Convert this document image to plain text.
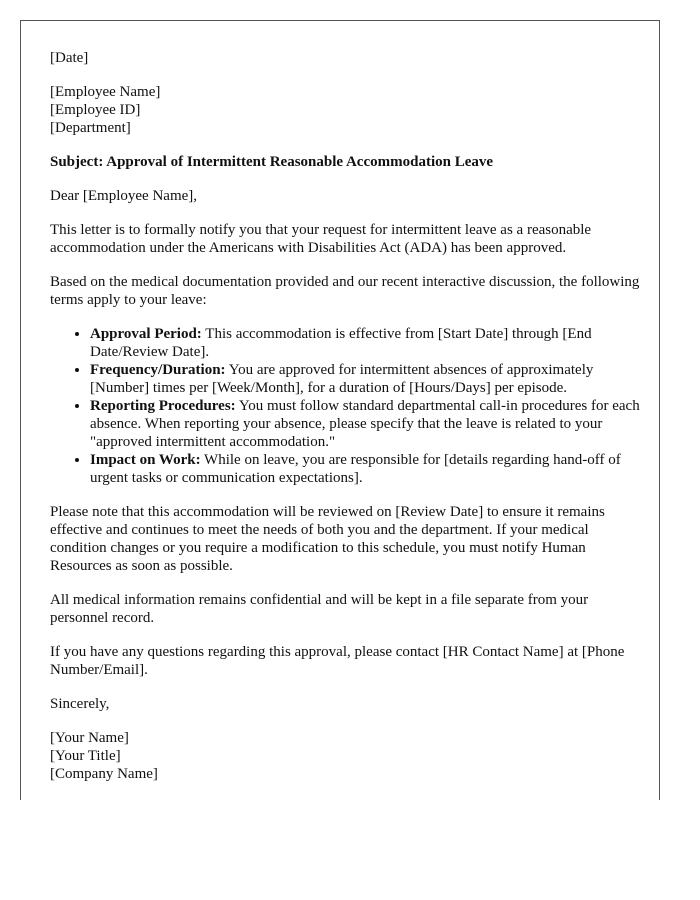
[Date]

[Employee Name]
[Employee ID]
[Department]

Subject: Approval of Intermittent Reasonable Accommodation Leave

Dear [Employee Name],

This letter is to formally notify you that your request for intermittent leave as a reasonable accommodation under the Americans with Disabilities Act (ADA) has been approved.

Based on the medical documentation provided and our recent interactive discussion, the following terms apply to your leave:

• Approval Period: This accommodation is effective from [Start Date] through [End Date/Review Date].
• Frequency/Duration: You are approved for intermittent absences of approximately [Number] times per [Week/Month], for a duration of [Hours/Days] per episode.
• Reporting Procedures: You must follow standard departmental call-in procedures for each absence. When reporting your absence, please specify that the leave is related to your "approved intermittent accommodation."
• Impact on Work: While on leave, you are responsible for [details regarding hand-off of urgent tasks or communication expectations].

Please note that this accommodation will be reviewed on [Review Date] to ensure it remains effective and continues to meet the needs of both you and the department. If your medical condition changes or you require a modification to this schedule, you must notify Human Resources as soon as possible.

All medical information remains confidential and will be kept in a file separate from your personnel record.

If you have any questions regarding this approval, please contact [HR Contact Name] at [Phone Number/Email].

Sincerely,

[Your Name]
[Your Title]
[Company Name]
